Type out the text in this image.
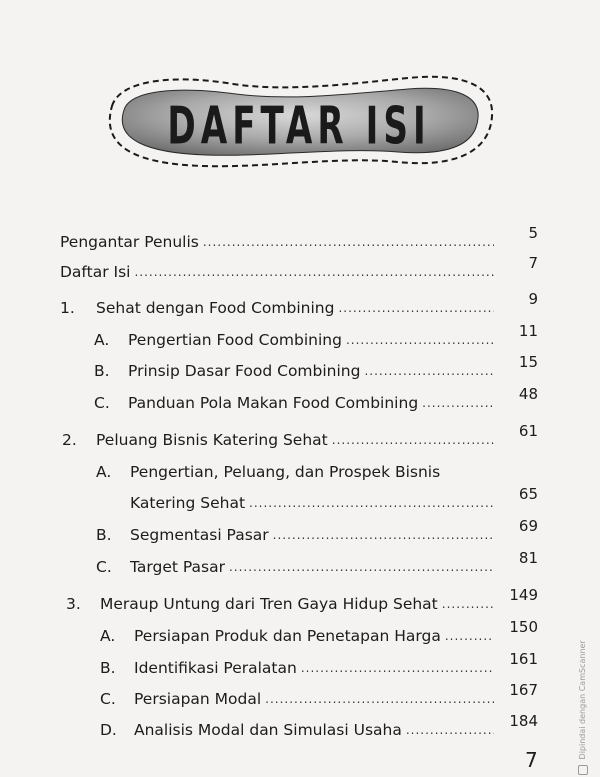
DAFTAR ISI
Pengantar Penulis .....	5
Daftar Isi .....	7
1.	Sehat dengan Food Combining .....	9
A.	Pengertian Food Combining .....	11
B.	Prinsip Dasar Food Combining .....	15
C.	Panduan Pola Makan Food Combining .....	48
2.	Peluang Bisnis Katering Sehat .....	61
A.	Pengertian, Peluang, dan Prospek Bisnis
Katering Sehat .....	65
B.	Segmentasi Pasar .....	69
C.	Target Pasar .....	81
3.	Meraup Untung dari Tren Gaya Hidup Sehat .....	149
A.	Persiapan Produk dan Penetapan Harga .....	150
B.	Identifikasi Peralatan .....	161
C.	Persiapan Modal .....	167
D.	Analisis Modal dan Simulasi Usaha .....	184
7
Dipindai dengan CamScanner
